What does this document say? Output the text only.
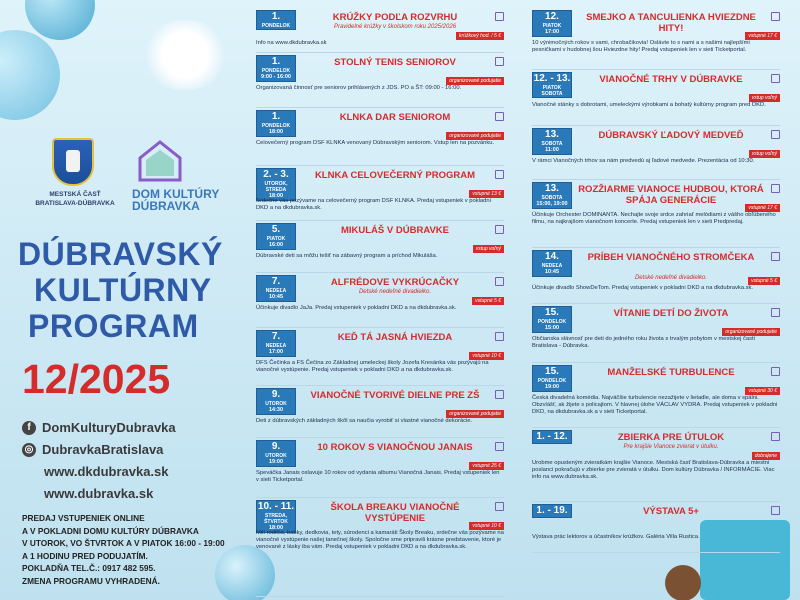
MESTSKÁ ČASŤ BRATISLAVA-DÚBRAVKA
DOM KULTÚRY
DÚBRAVKA
DÚBRAVSKÝ
KULTÚRNY
PROGRAM
12/2025
f DomKulturyDubravka
◎ DubravkaBratislava
www.dkdubravka.sk
www.dubravka.sk
PREDAJ VSTUPENIEK ONLINE
A V POKLADNI DOMU KULTÚRY DÚBRAVKA
V UTOROK, VO ŠTVRTOK A V PIATOK 16:00 - 19:00
A 1 HODINU PRED PODUJATÍM.
POKLADŇA TEL.Č.: 0917 482 595.
ZMENA PROGRAMU VYHRADENÁ.
1.
PONDELOK
KRÚŽKY PODĽA ROZVRHU
Pravidelné krúžky v školskom roku 2025/2026
Info na www.dkdubravka.sk
krúžkový hod. / 5 €
1.
PONDELOK
9:00 - 16:00
STOLNÝ TENIS SENIOROV
Organizovaná činnosť pre seniorov prihlásených z JDS. PO a ŠT: 09:00 - 16:00.
organizované podujatie
1.
PONDELOK
18:00
KLNKA DAR SENIOROM
Celovečerný program DSF KLNKA venovaný Dúbravským seniorom. Vstup len na pozvánku.
organizované podujatie
2. - 3.
UTOROK, STREDA
18:00
KLNKA CELOVEČERNÝ PROGRAM
Srdečne vás pozývame na celovečerný program DSF KLNKA. Predaj vstupeniek v pokladni DKD a na dkdubravka.sk.
vstupné 13 €
5.
PIATOK
16:00
MIKULÁŠ V DÚBRAVKE
Dúbravské deti sa môžu tešiť na zábavný program a príchod Mikuláša.
vstup voľný
7.
NEDEĽA
10:45
ALFRÉDOVE VYKRÚCAČKY
Detské nedeľné divadielko.
Účinkuje divadlo JaJa. Predaj vstupeniek v pokladni DKD a na dkdubravka.sk.
vstupné 5 €
7.
NEDEĽA
17:00
KEĎ TÁ JASNÁ HVIEZDA
DFS Čečinka a FS Čečina zo Základnej umeleckej školy Jozefa Kresánka vás pozývajú na vianočné vystúpenie. Predaj vstupeniek v pokladni DKD a na dkdubravka.sk.
vstupné 10 €
9.
UTOROK
14:30
VIANOČNÉ TVORIVÉ DIELNE PRE ZŠ
Deti z dúbravských základných škôl sa naučia vyrobiť si vlastné vianočné dekorácie.
organizované podujatie
9.
UTOROK
19:00
10 ROKOV S VIANOČNOU JANAIS
Speváčka Janais oslavuje 10 rokov od vydania albumu Vianočná Janais. Predaj vstupeniek len v sieti Ticketportal.
vstupné 25 €
10. - 11.
STREDA, ŠTVRTOK
18:00
ŠKOLA BREAKU VIANOČNÉ VYSTÚPENIE
Milí rodičia, babky, dedkovia, tety, súrodenci a kamaráti Školy Breaku, srdečne vás pozývame na vianočné vystúpenie našej tanečnej školy. Spoločne sme pripravili krásne predstavenie, ktoré je venované z lásky iba vám. Predaj vstupeniek v pokladni DKD a na dkdubravka.sk.
vstupné 10 €
12.
PIATOK
17:00
SMEJKO A TANCULIENKA HVIEZDNE HITY!
10 výnimočných rokov s vami, chrobačikovia! Oslávte to s nami a s našimi najlepšími pesničkami v hudobnej šou Hviezdne hity! Predaj vstupeniek len v sieti Ticketportal.
vstupné 17 €
12. - 13.
PIATOK SOBOTA
VIANOČNÉ TRHY V DÚBRAVKE
Vianočné stánky s dobrotami, umeleckými výrobkami a bohatý kultúrny program pred DKD.
vstup voľný
13.
SOBOTA
11:00
DÚBRAVSKÝ ĽADOVÝ MEDVEĎ
V rámci Vianočných trhov sa nám predvedú aj ľadové medvede. Prezentácia od 10:30.
vstup voľný
13.
SOBOTA
15:00, 19:00
ROZŽIARME VIANOCE HUDBOU, KTORÁ SPÁJA GENERÁCIE
Účinkuje Orchester DOMINANTA. Nechajte svoje srdce zahriať melódiami z vášho obľúbeného filmu, na najkrajšom vianočnom koncerte. Predaj vstupeniek len v sieti Predpredaj.
vstupné 17 €
14.
NEDEĽA
10:45
PRÍBEH VIANOČNÉHO STROMČEKA
Detské nedeľné divadielko.
Účinkuje divadlo ShowDeTom. Predaj vstupeniek v pokladni DKD a na dkdubravka.sk.
vstupné 5 €
15.
PONDELOK
15:00
VÍTANIE DETÍ DO ŽIVOTA
Občianska slávnosť pre deti do jedného roku života s trvalým pobytom v mestskej časti Bratislava - Dúbravka.
organizované podujatie
15.
PONDELOK
19:00
MANŽELSKÉ TURBULENCE
Česká divadelná komédia. Najväčšie turbulencie nezažijete v lietadle, ale doma v spálni. Obzvlášť, ak žijete s policajtom. V hlavnej úlohe VÁCLAV VYDRA. Predaj vstupeniek v pokladni DKD, na dkdubravka.sk a v sieti Ticketportal.
vstupné 30 €
1. - 12.	ZBIERKA PRE ÚTULOK
Pre krajšie Vianoce zvierat v útulku.
Urobme opusteným zvieratkám krajšie Vianoce. Mestská časť Bratislava-Dúbravka a miestni poslanci pokračujú v zbierke pre zvieratá v útulku. Dom kultúry Dúbravka / INFORMÁCIE. Viac info na www.dubravka.sk.
dobrajene
1. - 19.	VÝSTAVA 5+
Výstava prác lektorov a účastníkov krúžkov. Galéria Villa Rustica.
